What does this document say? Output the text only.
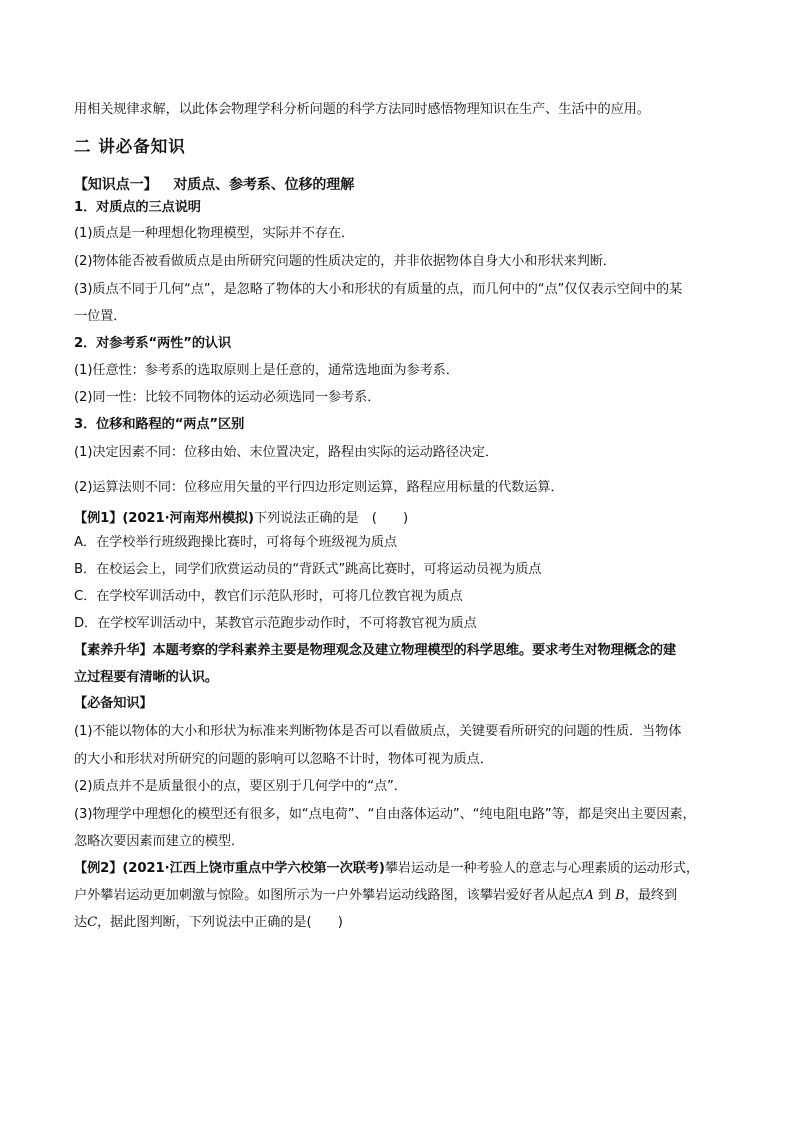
用相关规律求解，以此体会物理学科分析问题的科学方法同时感悟物理知识在生产、生活中的应用。
二 讲必备知识
【知识点一】 对质点、参考系、位移的理解
1．对质点的三点说明
(1)质点是一种理想化物理模型，实际并不存在．
(2)物体能否被看做质点是由所研究问题的性质决定的，并非依据物体自身大小和形状来判断．
(3)质点不同于几何“点”，是忽略了物体的大小和形状的有质量的点，而几何中的“点”仅仅表示空间中的某
一位置．
2．对参考系“两性”的认识
(1)任意性：参考系的选取原则上是任意的，通常选地面为参考系．
(2)同一性：比较不同物体的运动必须选同一参考系．
3．位移和路程的“两点”区别
(1)决定因素不同：位移由始、末位置决定，路程由实际的运动路径决定．
(2)运算法则不同：位移应用矢量的平行四边形定则运算，路程应用标量的代数运算．
【例1】(2021·河南郑州模拟)下列说法正确的是　(　　)
A．在学校举行班级跑操比赛时，可将每个班级视为质点
B．在校运会上，同学们欣赏运动员的“背跃式”跳高比赛时，可将运动员视为质点
C．在学校军训活动中，教官们示范队形时，可将几位教官视为质点
D．在学校军训活动中，某教官示范跑步动作时，不可将教官视为质点
【素养升华】本题考察的学科素养主要是物理观念及建立物理模型的科学思维。要求考生对物理概念的建
立过程要有清晰的认识。
【必备知识】
(1)不能以物体的大小和形状为标准来判断物体是否可以看做质点，关键要看所研究的问题的性质．当物体
的大小和形状对所研究的问题的影响可以忽略不计时，物体可视为质点．
(2)质点并不是质量很小的点，要区别于几何学中的“点”．
(3)物理学中理想化的模型还有很多，如“点电荷”、“自由落体运动”、“纯电阻电路”等，都是突出主要因素，
忽略次要因素而建立的模型．
【例2】(2021·江西上饶市重点中学六校第一次联考)攀岩运动是一种考验人的意志与心理素质的运动形式，
户外攀岩运动更加刺激与惊险。如图所示为一户外攀岩运动线路图，该攀岩爱好者从起点A 到 B，最终到
达C，据此图判断，下列说法中正确的是(　　)
